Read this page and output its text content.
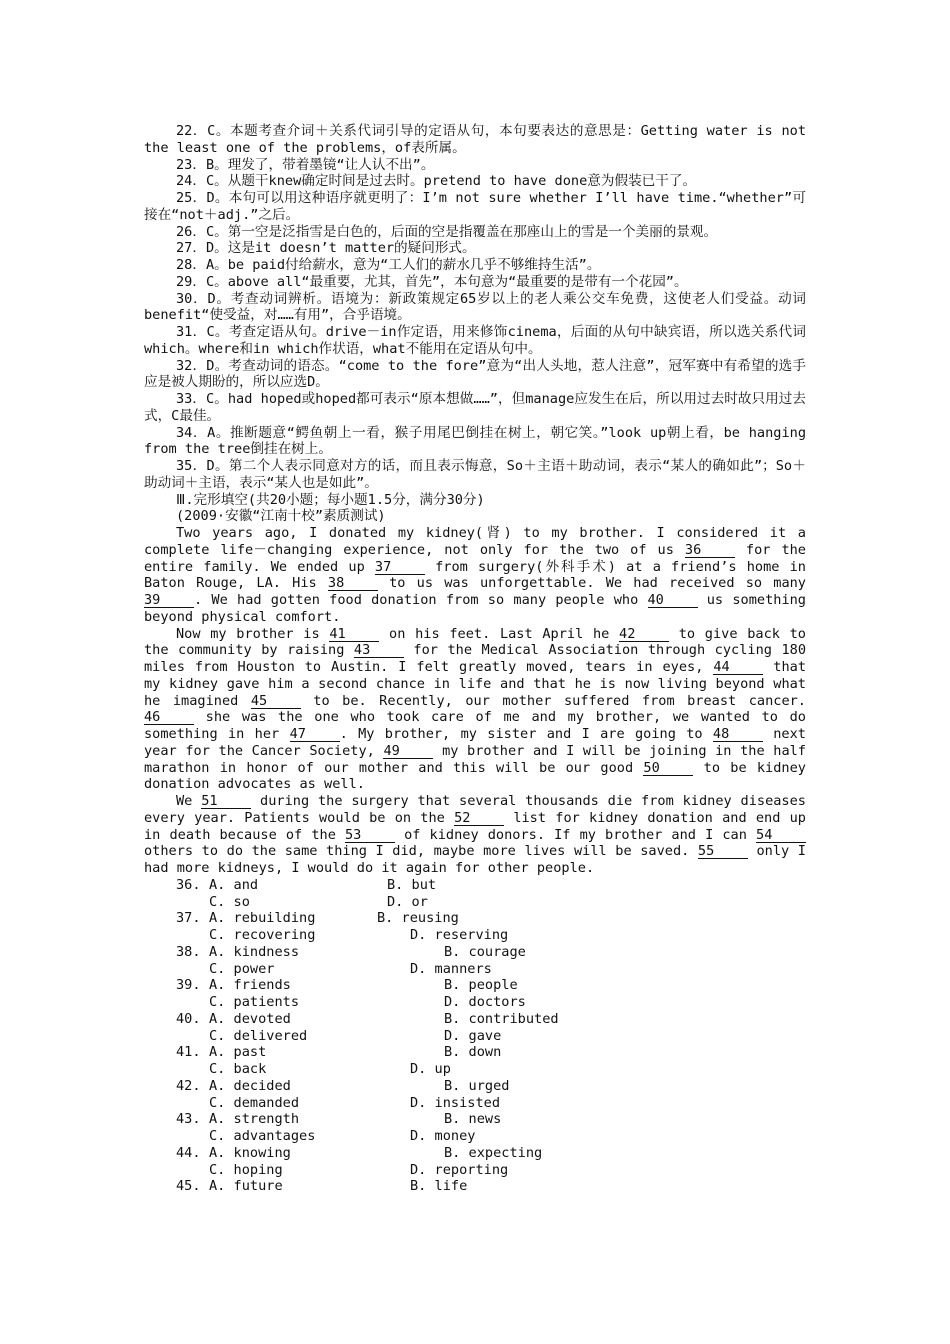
22．C。本题考查介词＋关系代词引导的定语从句，本句要表达的意思是：Getting water is not the least one of the problems，of表所属。
23．B。理发了，带着墨镜“让人认不出”。
24．C。从题干knew确定时间是过去时。pretend to have done意为假装已干了。
25．D。本句可以用这种语序就更明了：I’m not sure whether I’ll have time.“whether”可接在“not＋adj.”之后。
26．C。第一空是泛指雪是白色的，后面的空是指覆盖在那座山上的雪是一个美丽的景观。
27．D。这是it doesn’t matter的疑问形式。
28．A。be paid付给薪水，意为“工人们的薪水几乎不够维持生活”。
29．C。above all“最重要，尤其，首先”，本句意为“最重要的是带有一个花园”。
30．D。考查动词辨析。语境为：新政策规定65岁以上的老人乘公交车免费，这使老人们受益。动词benefit“使受益，对……有用”，合乎语境。
31．C。考查定语从句。drive－in作定语，用来修饰cinema，后面的从句中缺宾语，所以选关系代词which。where和in which作状语，what不能用在定语从句中。
32．D。考查动词的语态。“come to the fore”意为“出人头地，惹人注意”，冠军赛中有希望的选手应是被人期盼的，所以应选D。
33．C。had hoped或hoped都可表示“原本想做……”，但manage应发生在后，所以用过去时故只用过去式，C最佳。
34．A。推断题意“鳄鱼朝上一看，猴子用尾巴倒挂在树上，朝它笑。”look up朝上看，be hanging from the tree倒挂在树上。
35．D。第二个人表示同意对方的话，而且表示悔意，So＋主语＋助动词，表示“某人的确如此”；So＋助动词＋主语，表示“某人也是如此”。
Ⅲ.完形填空(共20小题；每小题1.5分，满分30分)
(2009·安徽“江南十校”素质测试)
Two years ago, I donated my kidney(肾) to my brother. I considered it a complete life－changing experience, not only for the two of us 36 for the entire family. We ended up 37 from surgery(外科手术) at a friend’s home in Baton Rouge, LA. His 38 to us was unforgettable. We had received so many 39 . We had gotten food donation from so many people who 40 us something beyond physical comfort.
Now my brother is 41 on his feet. Last April he 42 to give back to the community by raising 43 for the Medical Association through cycling 180 miles from Houston to Austin. I felt greatly moved, tears in eyes, 44 that my kidney gave him a second chance in life and that he is now living beyond what he imagined 45 to be. Recently, our mother suffered from breast cancer. 46 she was the one who took care of me and my brother, we wanted to do something in her 47 . My brother, my sister and I are going to 48 next year for the Cancer Society, 49 my brother and I will be joining in the half marathon in honor of our mother and this will be our good 50 to be kidney donation advocates as well.
We 51 during the surgery that several thousands die from kidney diseases every year. Patients would be on the 52 list for kidney donation and end up in death because of the 53 of kidney donors. If my brother and I can 54 others to do the same thing I did, maybe more lives will be saved. 55 only I had more kidneys, I would do it again for other people.
36. A. and	B. but
C. so	D. or
37. A. rebuilding	B. reusing
C. recovering	D. reserving
38. A. kindness	B. courage
C. power	D. manners
39. A. friends	B. people
C. patients	D. doctors
40. A. devoted	B. contributed
C. delivered	D. gave
41. A. past	B. down
C. back	D. up
42. A. decided	B. urged
C. demanded	D. insisted
43. A. strength	B. news
C. advantages	D. money
44. A. knowing	B. expecting
C. hoping	D. reporting
45. A. future	B. life
